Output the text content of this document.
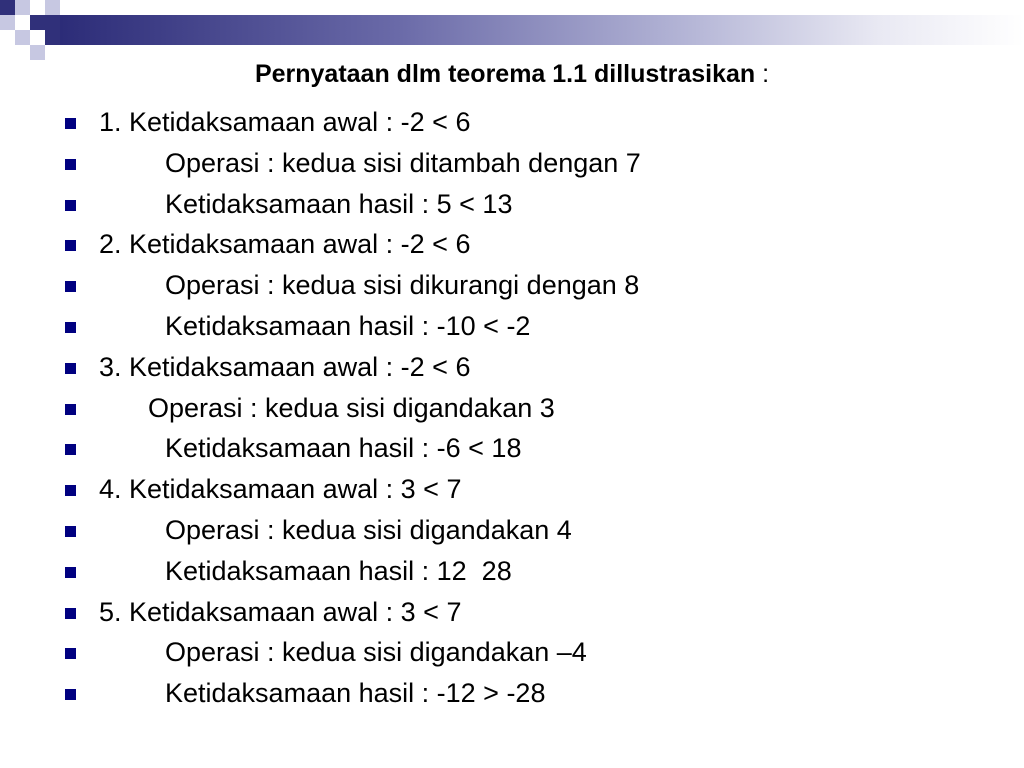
Pernyataan dlm teorema 1.1 dillustrasikan :
1. Ketidaksamaan awal : -2 < 6
Operasi : kedua sisi ditambah dengan 7
Ketidaksamaan hasil : 5 < 13
2. Ketidaksamaan awal : -2 < 6
Operasi : kedua sisi dikurangi dengan 8
Ketidaksamaan hasil : -10 < -2
3. Ketidaksamaan awal : -2 < 6
Operasi : kedua sisi digandakan 3
Ketidaksamaan hasil : -6 < 18
4. Ketidaksamaan awal : 3 < 7
Operasi : kedua sisi digandakan 4
Ketidaksamaan hasil : 12  28
5. Ketidaksamaan awal : 3 < 7
Operasi : kedua sisi digandakan –4
Ketidaksamaan hasil : -12 > -28
